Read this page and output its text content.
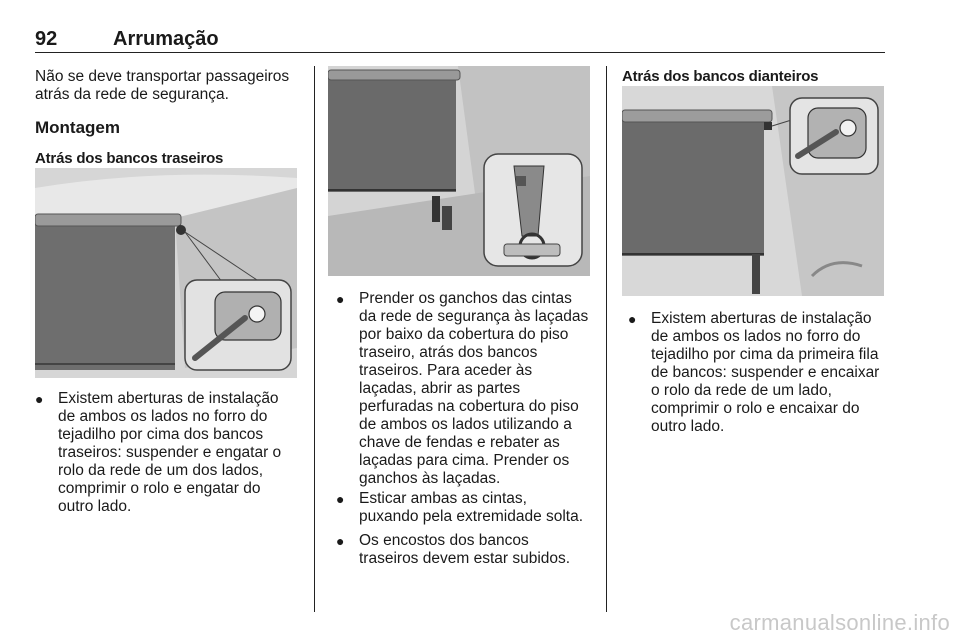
92	Arrumação
Não se deve transportar passageiros
atrás da rede de segurança.
Montagem
Atrás dos bancos traseiros
● Existem aberturas de instalação
de ambos os lados no forro do
tejadilho por cima dos bancos
traseiros: suspender e engatar o
rolo da rede de um dos lados,
comprimir o rolo e engatar do
outro lado.
● Prender os ganchos das cintas
da rede de segurança às laçadas
por baixo da cobertura do piso
traseiro, atrás dos bancos
traseiros. Para aceder às
laçadas, abrir as partes
perfuradas na cobertura do piso
de ambos os lados utilizando a
chave de fendas e rebater as
laçadas para cima. Prender os
ganchos às laçadas.
● Esticar ambas as cintas,
puxando pela extremidade solta.
● Os encostos dos bancos
traseiros devem estar subidos.
Atrás dos bancos dianteiros
● Existem aberturas de instalação
de ambos os lados no forro do
tejadilho por cima da primeira fila
de bancos: suspender e encaixar
o rolo da rede de um lado,
comprimir o rolo e encaixar do
outro lado.
carmanualsonline.info
